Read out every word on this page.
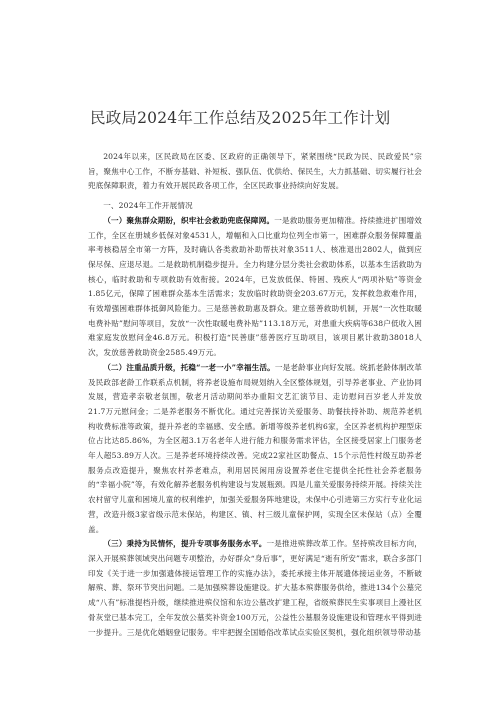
民政局2024年工作总结及2025年工作计划

2024年以来，区民政局在区委、区政府的正确领导下，紧紧围绕“民政为民、民政爱民”宗旨，聚焦中心工作，不断夯基础、补短板、强队伍、优供给、保民生，大力抓基础、切实履行社会兜底保障职责，着力有效开展民政各项工作，全区民政事业持续向好发展。

一、2024年工作开展情况

（一）聚焦群众期盼，织牢社会救助兜底保障网。一是救助服务更加精准。持续推进扩围增效工作，全区在册城乡低保对象4531人，增幅和入口比重均位列全市第一，困难群众服务保障覆盖率考核稳居全市第一方阵，及时确认各类救助补助帮扶对象3511人、核准退出2802人，做到应保尽保、应退尽退。二是救助机制稳步提升。全力构建分层分类社会救助体系，以基本生活救助为核心，临时救助和专项救助有效衔接。2024年，已发放低保、特困、残疾人“两项补贴”等资金1.85亿元，保障了困难群众基本生活需求；发放临时救助资金203.67万元，发挥救急救难作用，有效增强困难群体抵御风险能力。三是慈善救助惠及群众。建立慈善救助机制，开展“一次性取暖电费补贴”慰问等项目，发放“一次性取暖电费补贴”113.18万元，对患重大疾病等638户低收入困难家庭发放慰问金46.8万元。积极打造“民善康”慈善医疗互助项目，该项目累计救助38018人次，发放慈善救助资金2585.49万元。

（二）注重品质升级，托稳“一老一小”幸福生活。一是老龄事业向好发展。统抓老龄体制改革及民政部老龄工作联系点机制，将养老设施布局规划纳入全区整体规划，引导养老事业、产业协同发展，营造孝亲敬老氛围，敬老月活动期间举办重阳文艺汇演节目、走访慰问百岁老人并发放21.7万元慰问金；二是养老服务不断优化。通过完善探访关爱服务、助餐扶持补助、规范养老机构收费标准等政策，提升养老的幸福感、安全感。新增等级养老机构6家，全区养老机构护理型床位占比达85.86%，为全区超3.1万名老年人进行能力和服务需求评估，全区接受居家上门服务老年人超53.89万人次。三是养老环境持续改善。完成22家社区助餐点、15个示范性村级互助养老服务点改造提升，聚焦农村养老难点，利用居民闲用房设置养老住宅提供全托性社会养老服务的“幸福小院”等，有效化解养老服务机构建设与发展瓶颈。四是儿童关爱服务持续开展。持续关注农村留守儿童和困境儿童的权利维护，加强关爱服务阵地建设，未保中心引进第三方实行专业化运营，改造升级3家省级示范未保站，构建区、镇、村三级儿童保护网，实现全区未保站（点）全覆盖。

（三）秉持为民情怀，提升专项事务服务水平。一是推进殡葬改革工作。坚持殡改目标方向，深入开展殡葬领域突出问题专项整治，办好群众“身后事”，更好满足“逝有所安”需求，联合多部门印发《关于进一步加强遗体接运管理工作的实施办法》，委托承接主体开展遗体接运业务，不断破解殡、葬、祭环节突出问题。二是加强殡葬设施建设。扩大基本殡葬服务供给，推进134个公墓完成“八有”标准提档升级，继续推进殡仪馆和东边公墓改扩建工程，省级殡葬民生实事项目上漫社区骨灰堂已基本完工，全年发放公墓奖补资金100万元，公益性公墓服务设施建设和管理水平得到进一步提升。三是优化婚姻登记服务。牢牢把握全国婚俗改革试点实验区契机，强化组织领导带动基
